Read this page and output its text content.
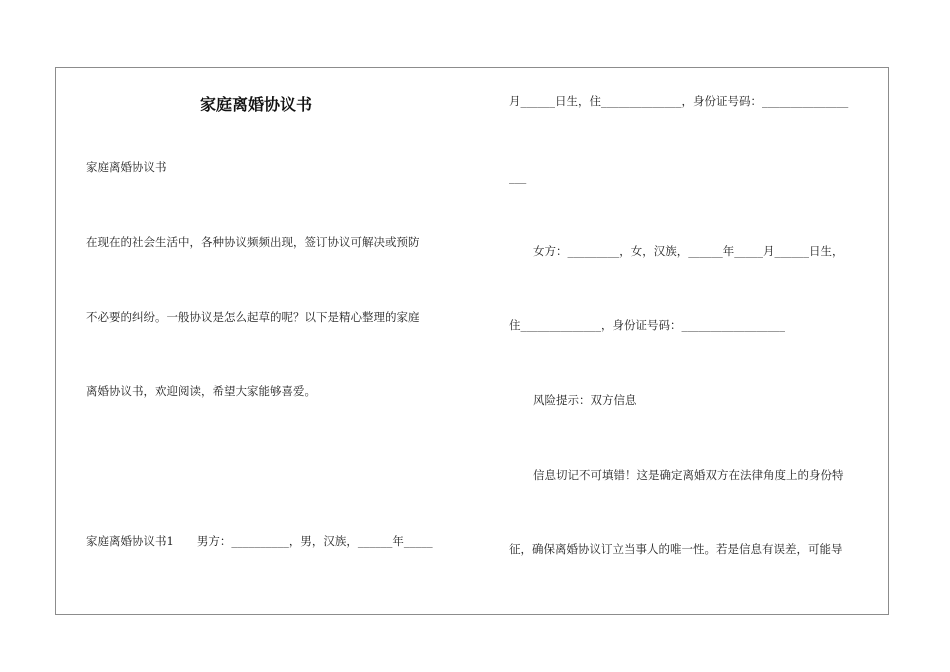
家庭离婚协议书
家庭离婚协议书
在现在的社会生活中，各种协议频频出现，签订协议可解决或预防
不必要的纠纷。一般协议是怎么起草的呢？以下是精心整理的家庭
离婚协议书，欢迎阅读，希望大家能够喜爱。
家庭离婚协议书1　　男方：__________，男，汉族，______年_____
月______日生，住______________，身份证号码：_______________
___
女方：_________，女，汉族，______年_____月______日生，
住______________，身份证号码：__________________
风险提示：双方信息
信息切记不可填错！这是确定离婚双方在法律角度上的身份特
征，确保离婚协议订立当事人的唯一性。若是信息有误差，可能导
